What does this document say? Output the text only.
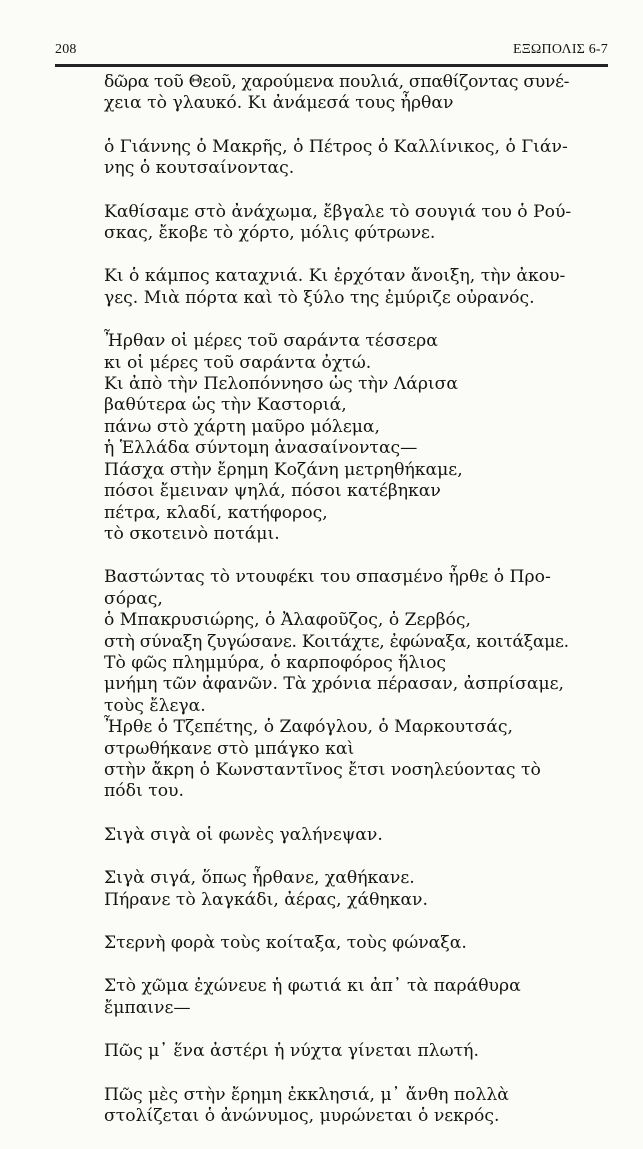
208	ΕΞΩΠΟΛΙΣ 6-7
δῶρα τοῦ Θεοῦ, χαρούμενα πουλιά, σπαθίζοντας συνέ-
χεια τὸ γλαυκό. Κι ἀνάμεσά τους ἦρθαν
ὁ Γιάννης ὁ Μακρῆς, ὁ Πέτρος ὁ Καλλίνικος, ὁ Γιάν-
νης ὁ κουτσαίνοντας.
Καθίσαμε στὸ ἀνάχωμα, ἔβγαλε τὸ σουγιά του ὁ Ρού-
σκας, ἔκοβε τὸ χόρτο, μόλις φύτρωνε.
Κι ὁ κάμπος καταχνιά. Κι ἐρχόταν ἄνοιξη, τὴν ἀκου-
γες. Μιὰ πόρτα καὶ τὸ ξύλο της ἐμύριζε οὐρανός.
Ἦρθαν οἱ μέρες τοῦ σαράντα τέσσερα
κι οἱ μέρες τοῦ σαράντα ὀχτώ.
Κι ἀπὸ τὴν Πελοπόννησο ὡς τὴν Λάρισα
βαθύτερα ὡς τὴν Καστοριά,
πάνω στὸ χάρτη μαῦρο μόλεμα,
ἡ Ἑλλάδα σύντομη ἀνασαίνοντας—
Πάσχα στὴν ἔρημη Κοζάνη μετρηθήκαμε,
πόσοι ἔμειναν ψηλά, πόσοι κατέβηκαν
πέτρα, κλαδί, κατήφορος,
τὸ σκοτεινὸ ποτάμι.
Βαστώντας τὸ ντουφέκι του σπασμένο ἦρθε ὁ Προ-
σόρας,
ὁ Μπακρυσιώρης, ὁ Ἀλαφοῦζος, ὁ Ζερβός,
στὴ σύναξη ζυγώσανε. Κοιτάχτε, ἐφώναξα, κοιτάξαμε.
Τὸ φῶς πλημμύρα, ὁ καρποφόρος ἥλιος
μνήμη τῶν ἀφανῶν. Τὰ χρόνια πέρασαν, ἀσπρίσαμε,
τοὺς ἔλεγα.
Ἦρθε ὁ Τζεπέτης, ὁ Ζαφόγλου, ὁ Μαρκουτσάς,
στρωθήκανε στὸ μπάγκο καὶ
στὴν ἄκρη ὁ Κωνσταντῖνος ἔτσι νοσηλεύοντας τὸ
πόδι του.
Σιγὰ σιγὰ οἱ φωνὲς γαλήνεψαν.
Σιγὰ σιγά, ὅπως ἦρθανε, χαθήκανε.
Πήρανε τὸ λαγκάδι, ἀέρας, χάθηκαν.
Στερνὴ φορὰ τοὺς κοίταξα, τοὺς φώναξα.
Στὸ χῶμα ἐχώνευε ἡ φωτιά κι ἀπ᾽ τὰ παράθυρα
ἔμπαινε—
Πῶς μ᾽ ἕνα ἀστέρι ἡ νύχτα γίνεται πλωτή.
Πῶς μὲς στὴν ἔρημη ἐκκλησιά, μ᾽ ἄνθη πολλὰ
στολίζεται ὁ ἀνώνυμος, μυρώνεται ὁ νεκρός.
